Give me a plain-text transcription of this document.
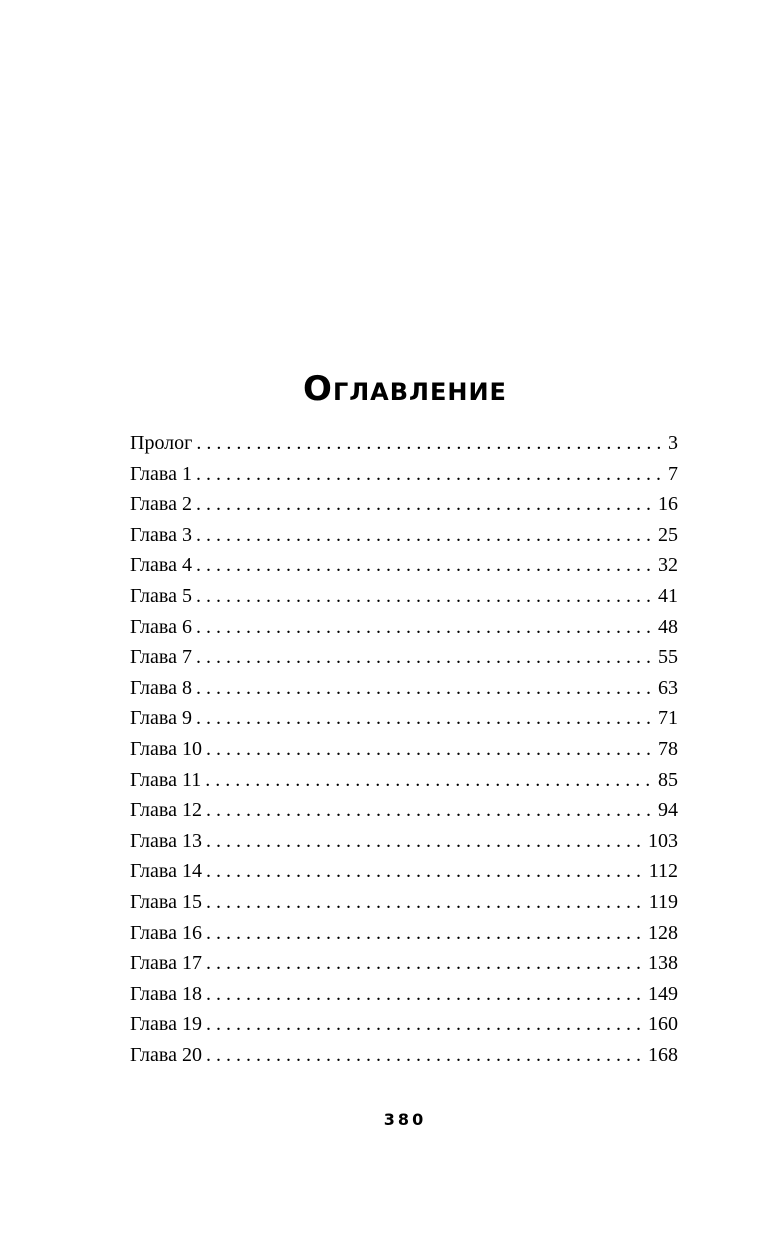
Оглавление
Пролог . . .	3
Глава 1 . . .	7
Глава 2 . . .	16
Глава 3 . . .	25
Глава 4 . . .	32
Глава 5 . . .	41
Глава 6 . . .	48
Глава 7 . . .	55
Глава 8 . . .	63
Глава 9 . . .	71
Глава 10 . . .	78
Глава 11 . . .	85
Глава 12 . . .	94
Глава 13 . . .	103
Глава 14 . . .	112
Глава 15 . . .	119
Глава 16 . . .	128
Глава 17 . . .	138
Глава 18 . . .	149
Глава 19 . . .	160
Глава 20 . . .	168
380
